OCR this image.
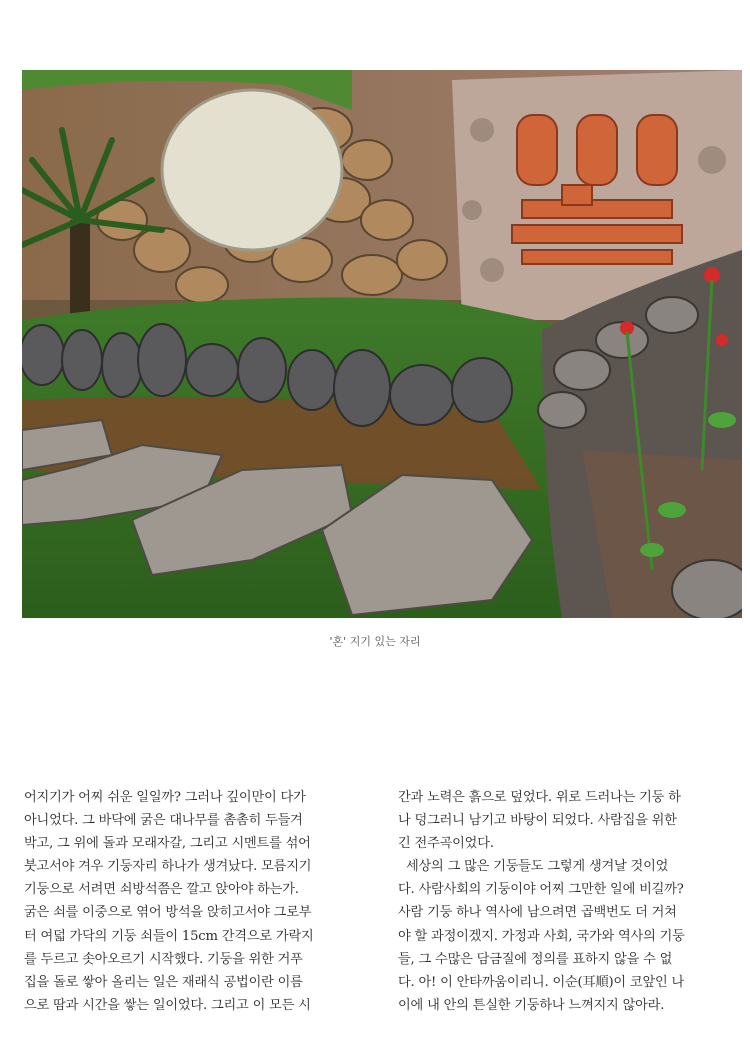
'혼' 지기 있는 자리

어지기가 어찌 쉬운 일일까? 그러나 깊이만이 다가
아니었다. 그 바닥에 굵은 대나무를 촘촘히 두들겨
박고, 그 위에 돌과 모래자갈, 그리고 시멘트를 섞어
붓고서야 겨우 기둥자리 하나가 생겨났다. 모름지기
기둥으로 서려면 쇠방석쯤은 깔고 앉아야 하는가.
굵은 쇠를 이중으로 엮어 방석을 앉히고서야 그로부
터 여덟 가닥의 기둥 쇠들이 15cm 간격으로 가락지
를 두르고 솟아오르기 시작했다. 기둥을 위한 거푸
집을 돌로 쌓아 올리는 일은 재래식 공법이란 이름
으로 땀과 시간을 쌓는 일이었다. 그리고 이 모든 시

간과 노력은 흙으로 덮었다. 위로 드러나는 기둥 하
나 덩그러니 남기고 바탕이 되었다. 사람집을 위한
긴 전주곡이었다.
세상의 그 많은 기둥들도 그렇게 생겨날 것이었
다. 사람사회의 기둥이야 어찌 그만한 일에 비길까?
사람 기둥 하나 역사에 남으려면 곱백번도 더 거쳐
야 할 과정이겠지. 가정과 사회, 국가와 역사의 기둥
들, 그 수많은 담금질에 정의를 표하지 않을 수 없
다. 아! 이 안타까움이리니. 이순(耳順)이 코앞인 나
이에 내 안의 튼실한 기둥하나 느껴지지 않아라.
